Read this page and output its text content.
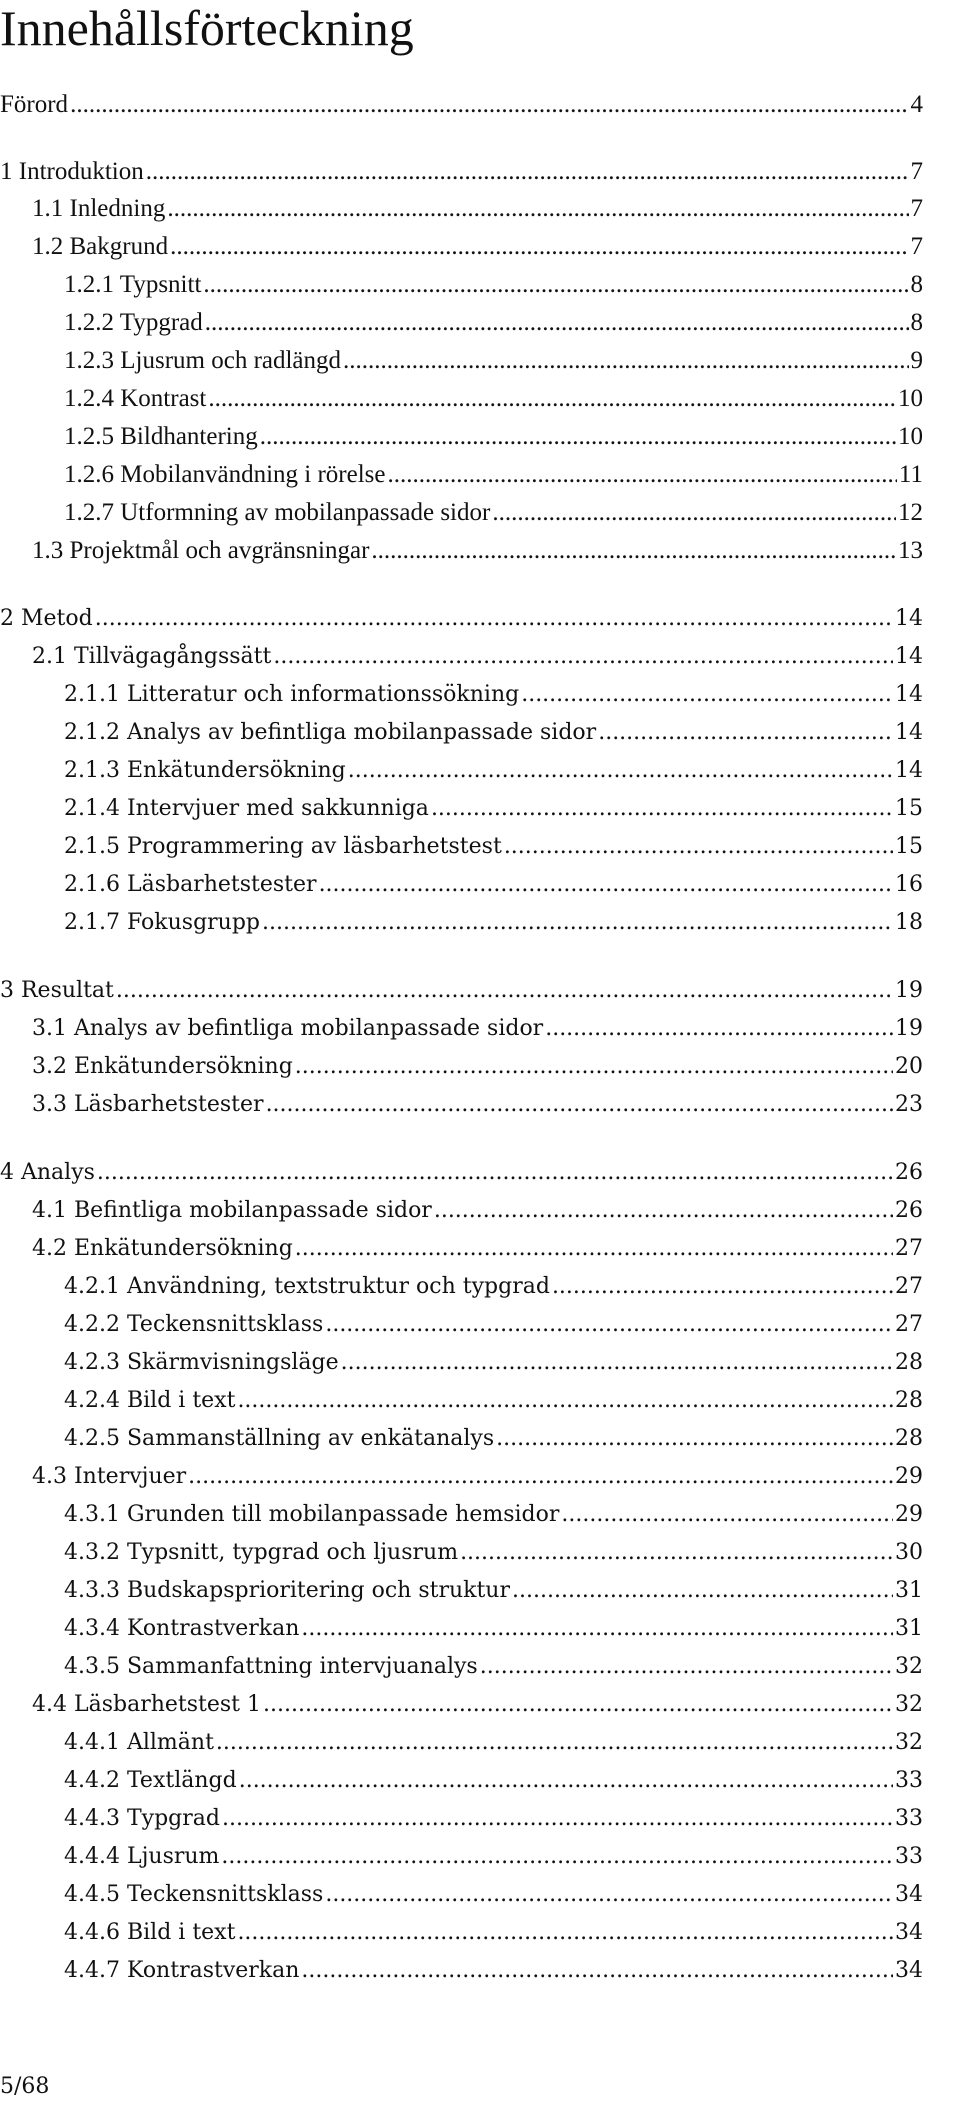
Innehållsförteckning
Förord .....	4
1 Introduktion .....	7
1.1 Inledning .....	7
1.2 Bakgrund .....	7
1.2.1 Typsnitt .....	8
1.2.2 Typgrad .....	8
1.2.3 Ljusrum och radlängd .....	9
1.2.4 Kontrast .....	10
1.2.5 Bildhantering .....	10
1.2.6 Mobilanvändning i rörelse .....	11
1.2.7 Utformning av mobilanpassade sidor .....	12
1.3 Projektmål och avgränsningar .....	13
2 Metod .....	14
2.1 Tillvägagångssätt .....	14
2.1.1 Litteratur och informationssökning .....	14
2.1.2 Analys av befintliga mobilanpassade sidor .....	14
2.1.3 Enkätundersökning .....	14
2.1.4 Intervjuer med sakkunniga .....	15
2.1.5 Programmering av läsbarhetstest .....	15
2.1.6 Läsbarhetstester .....	16
2.1.7 Fokusgrupp .....	18
3 Resultat .....	19
3.1 Analys av befintliga mobilanpassade sidor .....	19
3.2 Enkätundersökning .....	20
3.3 Läsbarhetstester .....	23
4 Analys .....	26
4.1 Befintliga mobilanpassade sidor .....	26
4.2 Enkätundersökning .....	27
4.2.1 Användning, textstruktur och typgrad .....	27
4.2.2 Teckensnittsklass .....	27
4.2.3 Skärmvisningsläge .....	28
4.2.4 Bild i text .....	28
4.2.5 Sammanställning av enkätanalys .....	28
4.3 Intervjuer .....	29
4.3.1 Grunden till mobilanpassade hemsidor .....	29
4.3.2 Typsnitt, typgrad och ljusrum .....	30
4.3.3 Budskapsprioritering och struktur .....	31
4.3.4 Kontrastverkan .....	31
4.3.5 Sammanfattning intervjuanalys .....	32
4.4 Läsbarhetstest 1 .....	32
4.4.1 Allmänt .....	32
4.4.2 Textlängd .....	33
4.4.3 Typgrad .....	33
4.4.4 Ljusrum .....	33
4.4.5 Teckensnittsklass .....	34
4.4.6 Bild i text .....	34
4.4.7 Kontrastverkan .....	34
5/68
